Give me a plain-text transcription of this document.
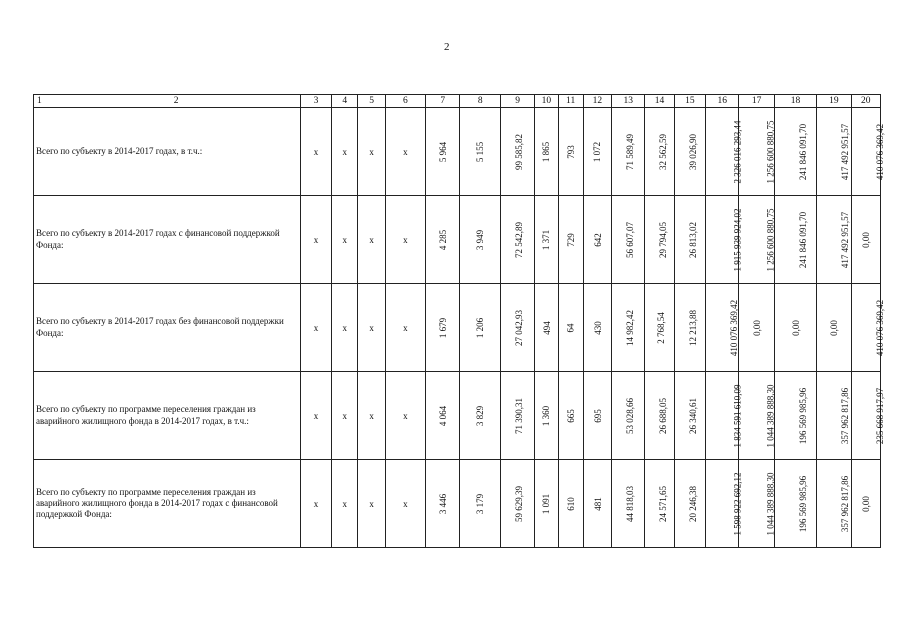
2
1 2	3	4	5	6	7	8	9	10	11	12	13	14	15	16	17	18	19	20
Всего по субъекту в 2014-2017 годах, в т.ч.:	x	x	x	x	5 964	5 155	99 585,82	1 865	793	1 072	71 589,49	32 562,59	39 026,90	2 326 016 293,44	1 256 600 880,75	241 846 091,70	417 492 951,57	410 076 369,42
Всего по субъекту в 2014-2017 годах с финансовой поддержкой Фонда:	x	x	x	x	4 285	3 949	72 542,89	1 371	729	642	56 607,07	29 794,05	26 813,02	1 915 939 924,02	1 256 600 880,75	241 846 091,70	417 492 951,57	0,00
Всего по субъекту в 2014-2017 годах без финансовой поддержки Фонда:	x	x	x	x	1 679	1 206	27 042,93	494	64	430	14 982,42	2 768,54	12 213,88	410 076 369,42	0,00	0,00	0,00	410 076 369,42
Всего по субъекту по программе переселения граждан из аварийного жилищного фонда в 2014-2017 годах, в т.ч.:	x	x	x	x	4 064	3 829	71 390,31	1 360	665	695	53 028,66	26 688,05	26 340,61	1 834 591 610,09	1 044 389 888,30	196 569 985,96	357 962 817,86	235 668 917,97
Всего по субъекту по программе переселения граждан из аварийного жилищного фонда в 2014-2017 годах с финансовой поддержкой Фонда:	x	x	x	x	3 446	3 179	59 629,39	1 091	610	481	44 818,03	24 571,65	20 246,38	1 598 922 692,12	1 044 389 888,30	196 569 985,96	357 962 817,86	0,00
